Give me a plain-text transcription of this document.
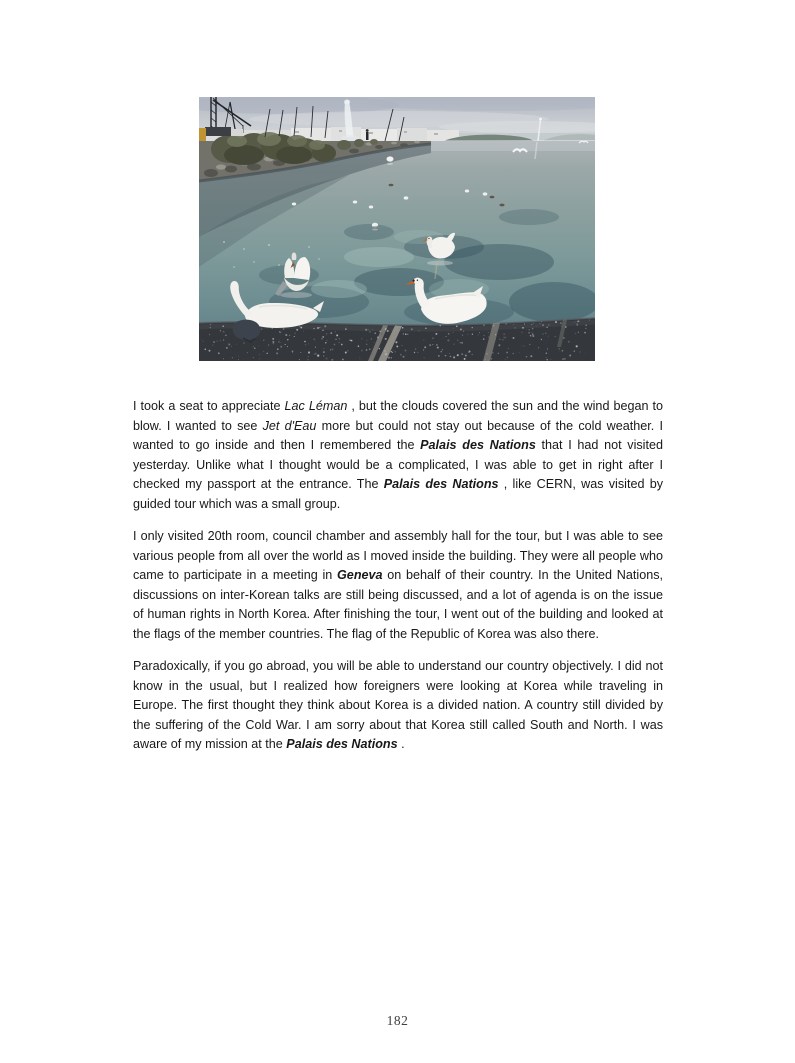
I took a seat to appreciate Lac Léman , but the clouds covered the sun and the wind began to blow. I wanted to see Jet d'Eau more but could not stay out because of the cold weather. I wanted to go inside and then I remembered the Palais des Nations that I had not visited yesterday. Unlike what I thought would be a complicated, I was able to get in right after I checked my passport at the entrance. The Palais des Nations , like CERN, was visited by guided tour which was a small group.

I only visited 20th room, council chamber and assembly hall for the tour, but I was able to see various people from all over the world as I moved inside the building. They were all people who came to participate in a meeting in Geneva on behalf of their country. In the United Nations, discussions on inter-Korean talks are still being discussed, and a lot of agenda is on the issue of human rights in North Korea. After finishing the tour, I went out of the building and looked at the flags of the member countries. The flag of the Republic of Korea was also there.

Paradoxically, if you go abroad, you will be able to understand our country objectively. I did not know in the usual, but I realized how foreigners were looking at Korea while traveling in Europe. The first thought they think about Korea is a divided nation. A country still divided by the suffering of the Cold War. I am sorry about that Korea still called South and North. I was aware of my mission at the Palais des Nations .

182
